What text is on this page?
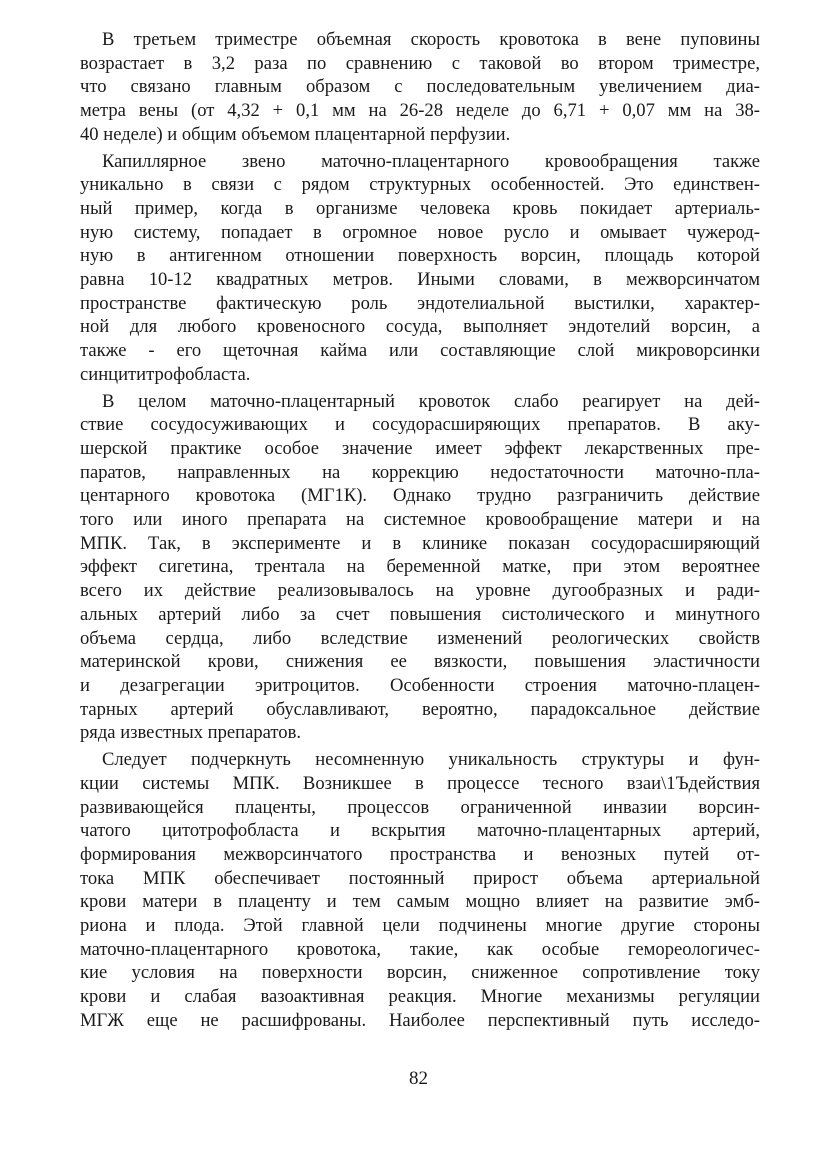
В третьем триместре объемная скорость кровотока в вене пуповины
возрастает в 3,2 раза по сравнению с таковой во втором триместре,
что связано главным образом с последовательным увеличением диа-
метра вены (от 4,32 + 0,1 мм на 26-28 неделе до 6,71 + 0,07 мм на 38-
40 неделе) и общим объемом плацентарной перфузии.
Капиллярное звено маточно-плацентарного кровообращения также
уникально в связи с рядом структурных особенностей. Это единствен-
ный пример, когда в организме человека кровь покидает артериаль-
ную систему, попадает в огромное новое русло и омывает чужерод-
ную в антигенном отношении поверхность ворсин, площадь которой
равна 10-12 квадратных метров. Иными словами, в межворсинчатом
пространстве фактическую роль эндотелиальной выстилки, характер-
ной для любого кровеносного сосуда, выполняет эндотелий ворсин, а
также - его щеточная кайма или составляющие слой микроворсинки
синцититрофобласта.
В целом маточно-плацентарный кровоток слабо реагирует на дей-
ствие сосудосуживающих и сосудорасширяющих препаратов. В аку-
шерской практике особое значение имеет эффект лекарственных пре-
паратов, направленных на коррекцию недостаточности маточно-пла-
центарного кровотока (МГ1К). Однако трудно разграничить действие
того или иного препарата на системное кровообращение матери и на
МПК. Так, в эксперименте и в клинике показан сосудорасширяющий
эффект сигетина, трентала на беременной матке, при этом вероятнее
всего их действие реализовывалось на уровне дугообразных и ради-
альных артерий либо за счет повышения систолического и минутного
объема сердца, либо вследствие изменений реологических свойств
материнской крови, снижения ее вязкости, повышения эластичности
и дезагрегации эритроцитов. Особенности строения маточно-плацен-
тарных артерий обуславливают, вероятно, парадоксальное действие
ряда известных препаратов.
Следует подчеркнуть несомненную уникальность структуры и фун-
кции системы МПК. Возникшее в процессе тесного взаи\1Ъдействия
развивающейся плаценты, процессов ограниченной инвазии ворсин-
чатого цитотрофобласта и вскрытия маточно-плацентарных артерий,
формирования межворсинчатого пространства и венозных путей от-
тока МПК обеспечивает постоянный прирост объема артериальной
крови матери в плаценту и тем самым мощно влияет на развитие эмб-
риона и плода. Этой главной цели подчинены многие другие стороны
маточно-плацентарного кровотока, такие, как особые гемореологичес-
кие условия на поверхности ворсин, сниженное сопротивление току
крови и слабая вазоактивная реакция. Многие механизмы регуляции
МГЖ еще не расшифрованы. Наиболее перспективный путь исследо-
82
